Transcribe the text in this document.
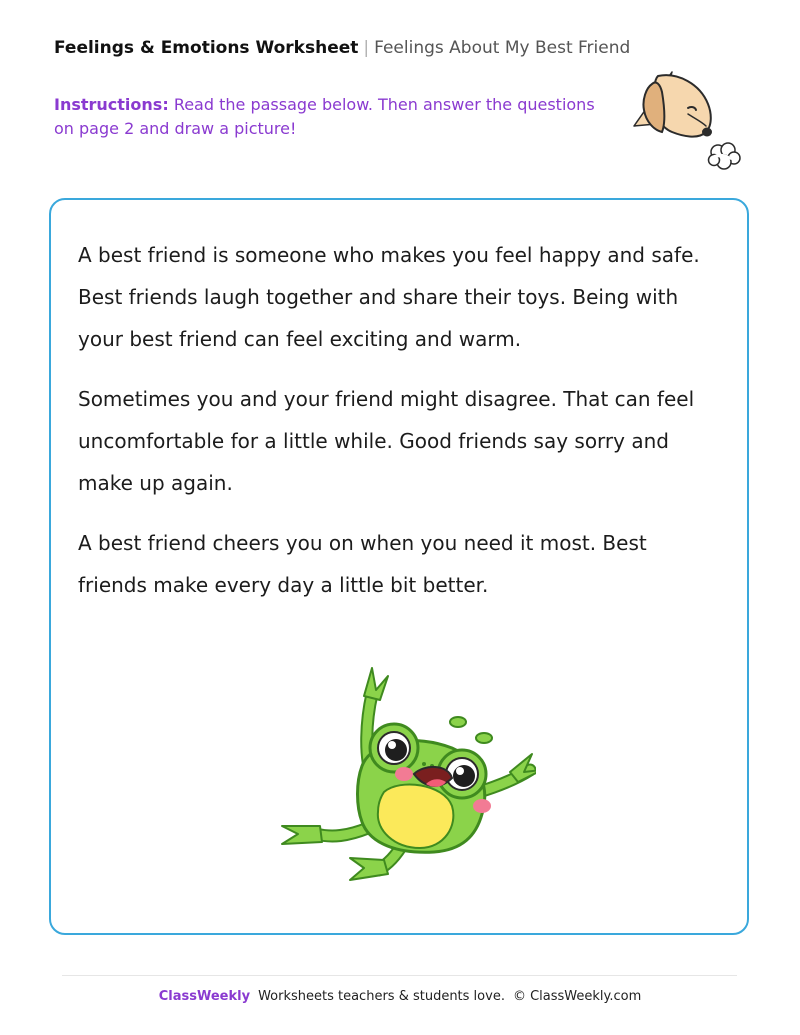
Feelings & Emotions Worksheet | Feelings About My Best Friend
Instructions: Read the passage below. Then answer the questions on page 2 and draw a picture!

A best friend is someone who makes you feel happy and safe. Best friends laugh together and share their toys. Being with your best friend can feel exciting and warm.

Sometimes you and your friend might disagree. That can feel uncomfortable for a little while. Good friends say sorry and make up again.

A best friend cheers you on when you need it most. Best friends make every day a little bit better.

ClassWeekly Worksheets teachers & students love. © ClassWeekly.com
